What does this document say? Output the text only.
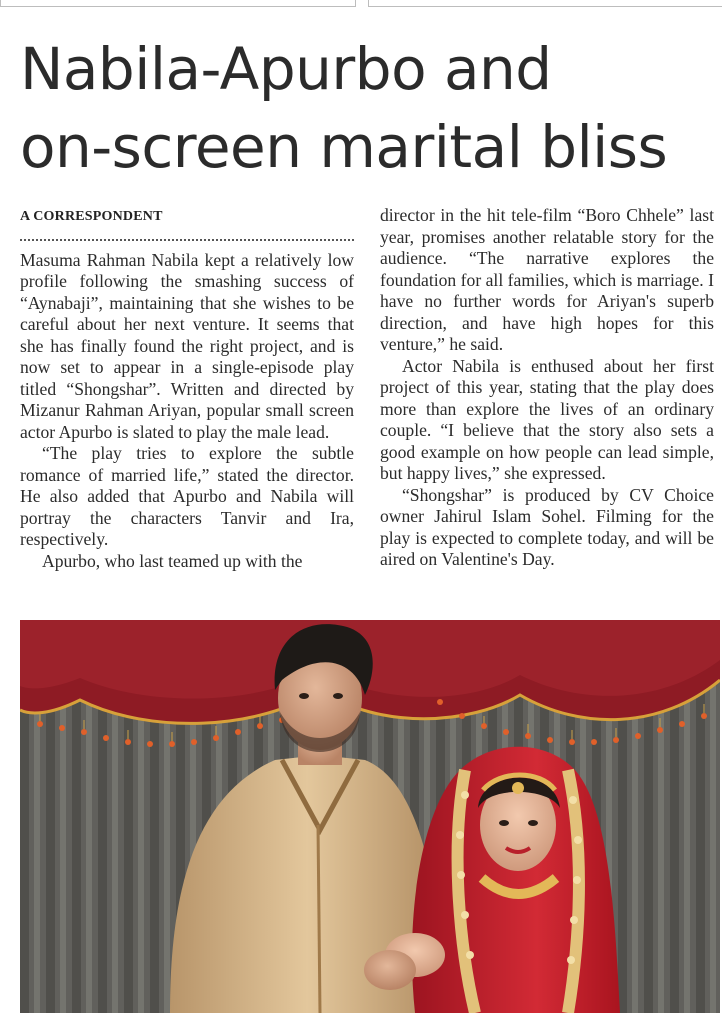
Nabila-Apurbo and
on-screen marital bliss
A CORRESPONDENT

Masuma Rahman Nabila kept a relatively low profile following the smashing success of “Aynabaji”, maintaining that she wishes to be careful about her next venture. It seems that she has finally found the right project, and is now set to appear in a single-episode play titled “Shongshar”. Written and directed by Mizanur Rahman Ariyan, popular small screen actor Apurbo is slated to play the male lead.

“The play tries to explore the subtle romance of married life,” stated the director. He also added that Apurbo and Nabila will portray the characters Tanvir and Ira, respectively.

Apurbo, who last teamed up with the

director in the hit tele-film “Boro Chhele” last year, promises another relatable story for the audience. “The narrative explores the foundation for all families, which is marriage. I have no further words for Ariyan's superb direction, and have high hopes for this venture,” he said.

Actor Nabila is enthused about her first project of this year, stating that the play does more than explore the lives of an ordinary couple. “I believe that the story also sets a good example on how people can lead simple, but happy lives,” she expressed.

“Shongshar” is produced by CV Choice owner Jahirul Islam Sohel. Filming for the play is expected to complete today, and will be aired on Valentine's Day.
